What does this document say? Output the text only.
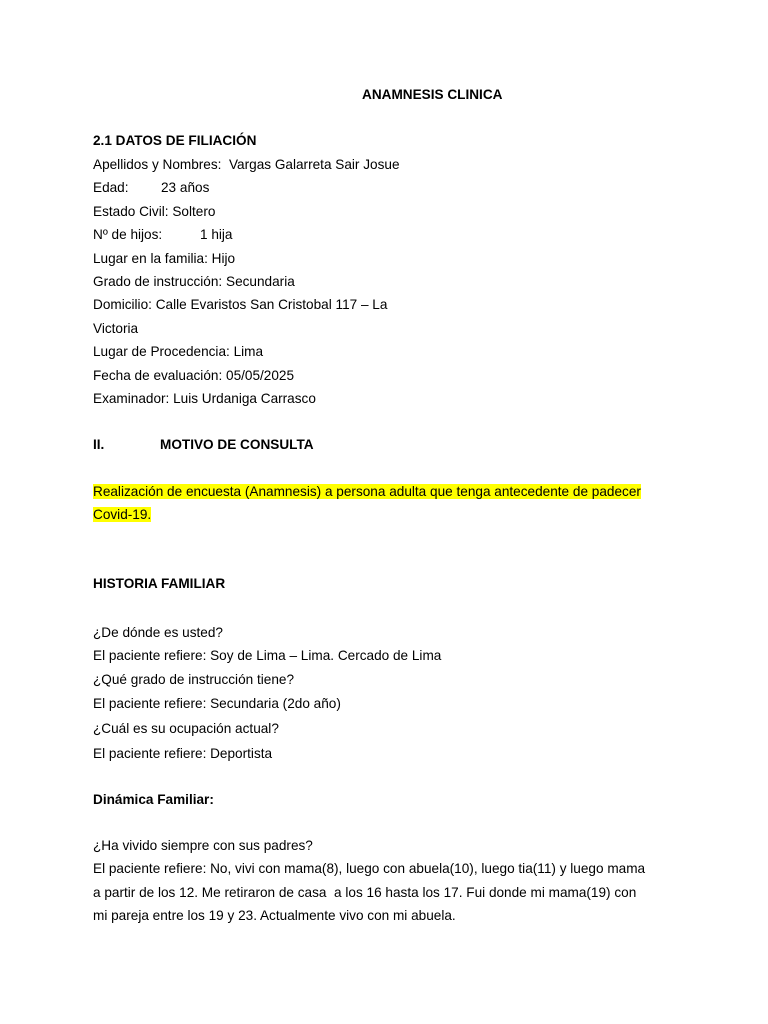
ANAMNESIS CLINICA

2.1 DATOS DE FILIACIÓN

Apellidos y Nombres: Vargas Galarreta Sair Josue

Edad: 23 años

Estado Civil: Soltero

Nº de hijos:	1 hija

Lugar en la familia: Hijo

Grado de instrucción: Secundaria

Domicilio: Calle Evaristos San Cristobal 117 – La

Victoria

Lugar de Procedencia: Lima

Fecha de evaluación: 05/05/2025

Examinador: Luis Urdaniga Carrasco

II.	MOTIVO DE CONSULTA

Realización de encuesta (Anamnesis) a persona adulta que tenga antecedente de padecer

Covid-19.

HISTORIA FAMILIAR

¿De dónde es usted?

El paciente refiere: Soy de Lima – Lima. Cercado de Lima

¿Qué grado de instrucción tiene?

El paciente refiere: Secundaria (2do año)

¿Cuál es su ocupación actual?

El paciente refiere: Deportista

Dinámica Familiar:

¿Ha vivido siempre con sus padres?

El paciente refiere: No, vivi con mama(8), luego con abuela(10), luego tia(11) y luego mama

a partir de los 12. Me retiraron de casa  a los 16 hasta los 17. Fui donde mi mama(19) con

mi pareja entre los 19 y 23. Actualmente vivo con mi abuela.
